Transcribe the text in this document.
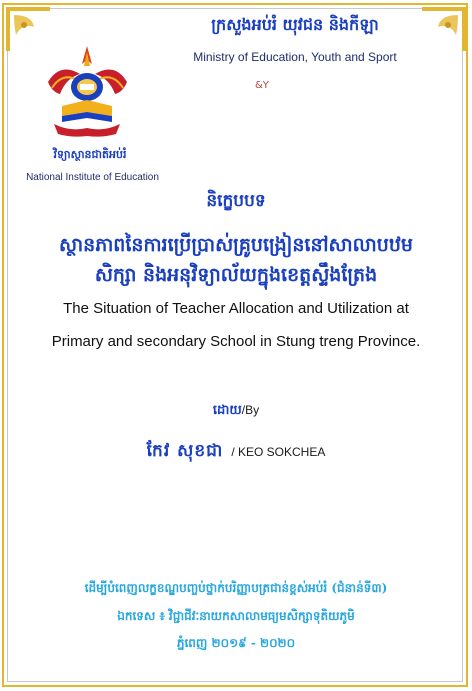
ក្រសួងអប់រំ យុវជន និងកីឡា
Ministry of Education, Youth and Sport
&Y
វិទ្យាស្ថានជាតិអប់រំ
National Institute of Education
និក្ខេបបទ
ស្ថានភាពនៃការប្រើប្រាស់គ្រូបង្រៀននៅសាលាបឋម
សិក្សា និងអនុវិទ្យាល័យក្នុងខេត្តស្ទឹងត្រែង
The Situation of Teacher Allocation and Utilization at
Primary and secondary School in Stung treng Province.
ដោយ/By
កែវ សុខជា / KEO SOKCHEA
ដើម្បីបំពេញលក្ខខណ្ឌបញ្ចប់ថ្នាក់បរិញ្ញាបត្រជាន់ខ្ពស់អប់រំ (ជំនាន់ទី៣)
ឯកទេស ៖ វិជ្ជាជីវៈនាយកសាលាមធ្យមសិក្សាទុតិយភូមិ
ភ្នំពេញ ២០១៩ - ២០២០
